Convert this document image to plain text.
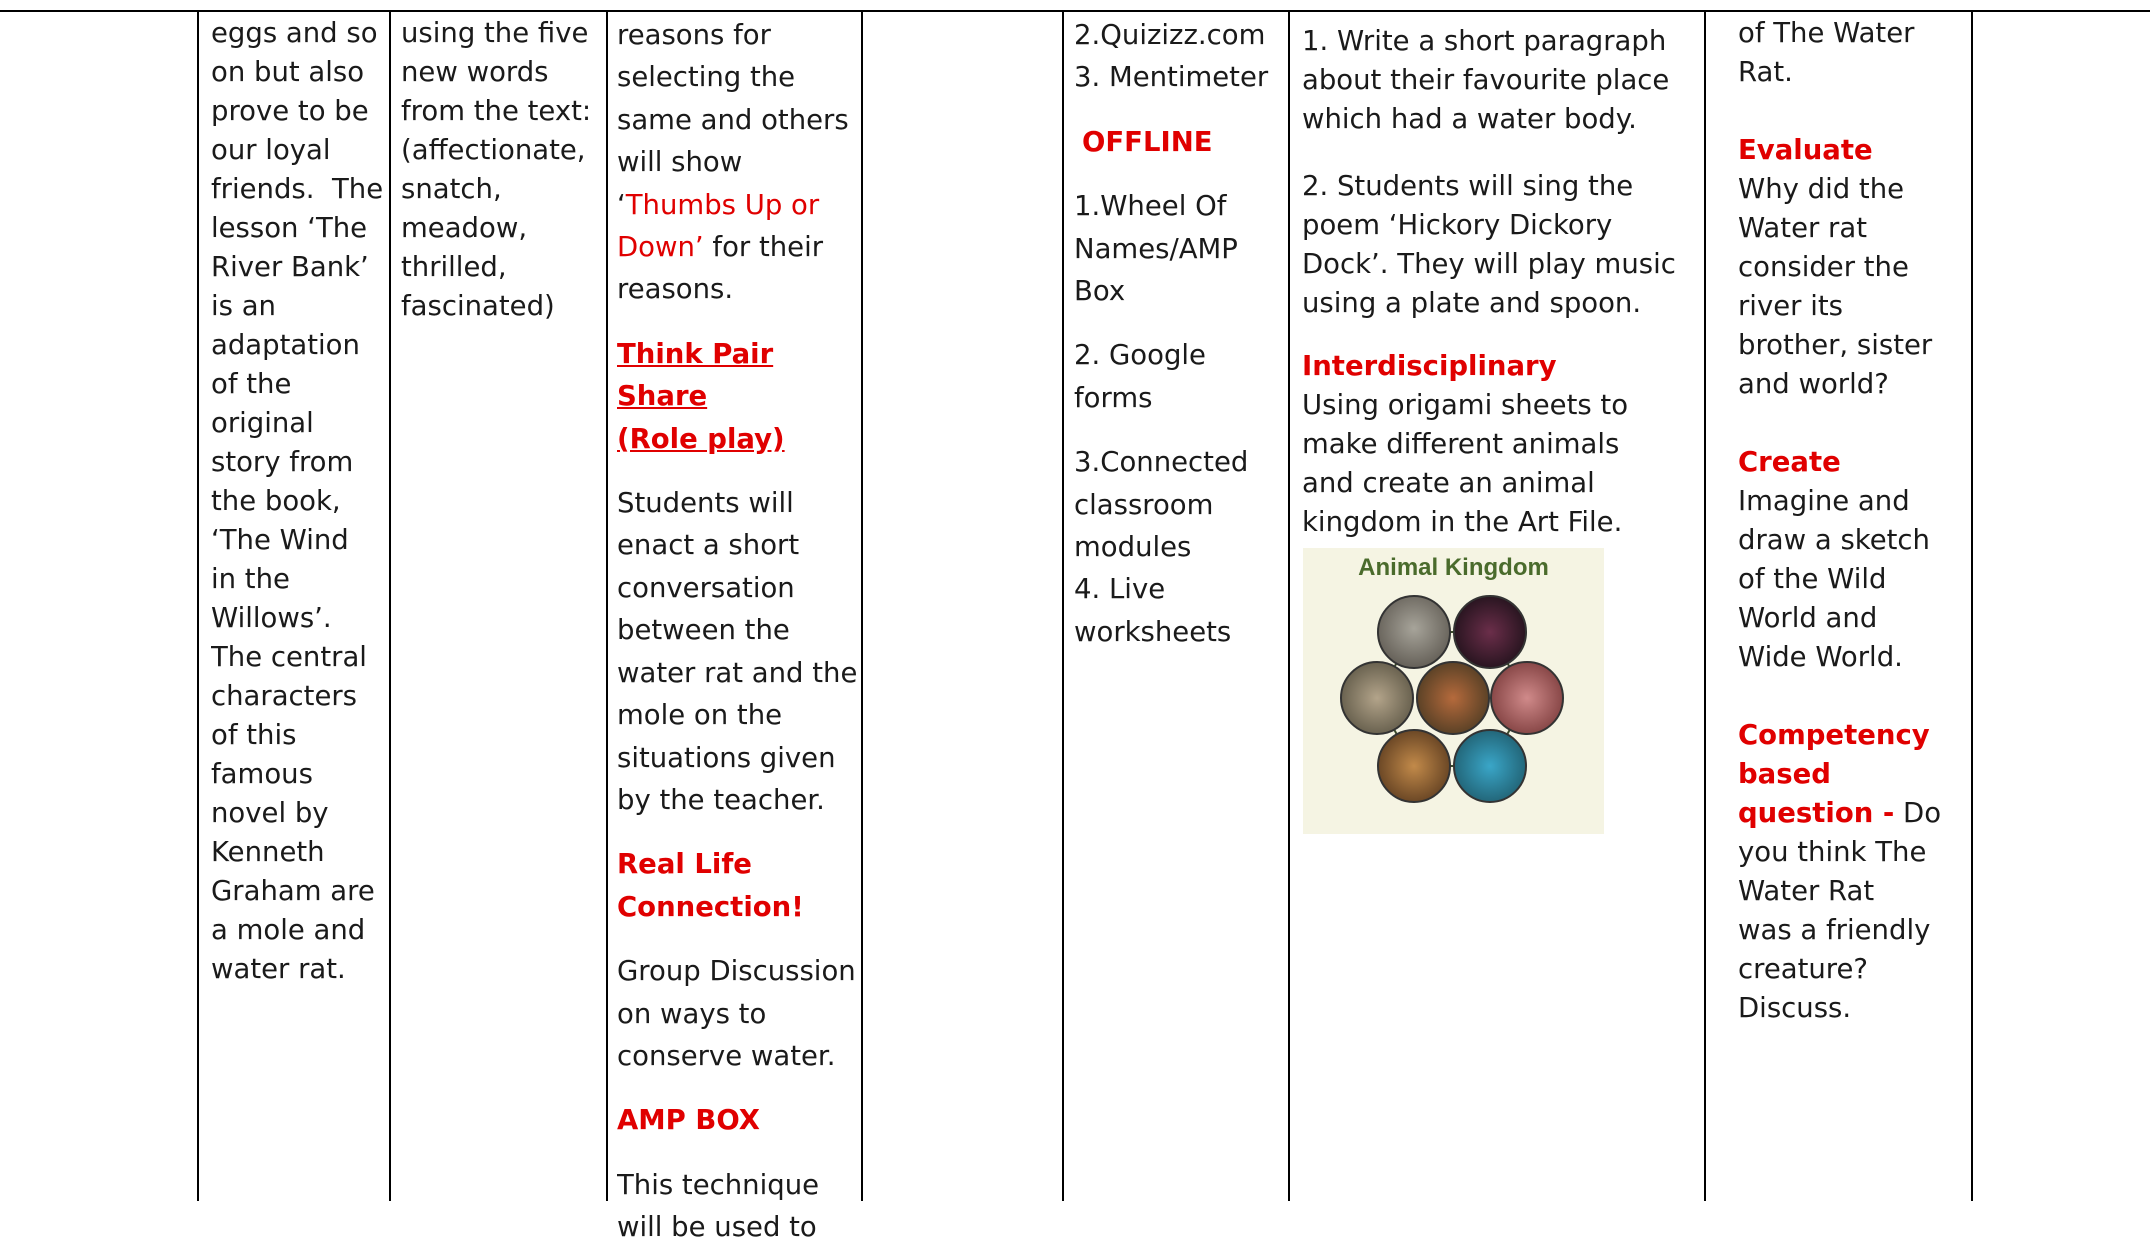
eggs and so
on but also
prove to be
our loyal
friends.  The
lesson ‘The
River Bank’
is an
adaptation
of the
original
story from
the book,
‘The Wind
in the
Willows’.
The central
characters
of this
famous
novel by
Kenneth
Graham are
a mole and
water rat.
using the five
new words
from the text:
(affectionate,
snatch,
meadow,
thrilled,
fascinated)
reasons for
selecting the
same and others
will show
‘Thumbs Up or
Down’ for their
reasons.
Think Pair Share
(Role play)
Students will
enact a short
conversation
between the
water rat and the
mole on the
situations given
by the teacher.
Real Life
Connection!
Group Discussion
on ways to
conserve water.
AMP BOX
This technique
will be used to
2.Quizizz.com
3. Mentimeter
OFFLINE
1.Wheel Of
Names/AMP
Box
2. Google
forms
3.Connected
classroom
modules
4. Live
worksheets
1. Write a short paragraph
about their favourite place
which had a water body.
2. Students will sing the
poem ‘Hickory Dickory
Dock’. They will play music
using a plate and spoon.
Interdisciplinary
Using origami sheets to
make different animals
and create an animal
kingdom in the Art File.
Animal Kingdom
of The Water
Rat.
Evaluate
Why did the
Water rat
consider the
river its
brother, sister
and world?
Create
Imagine and
draw a sketch
of the Wild
World and
Wide World.
Competency
based
question - Do
you think The
Water Rat
was a friendly
creature?
Discuss.
